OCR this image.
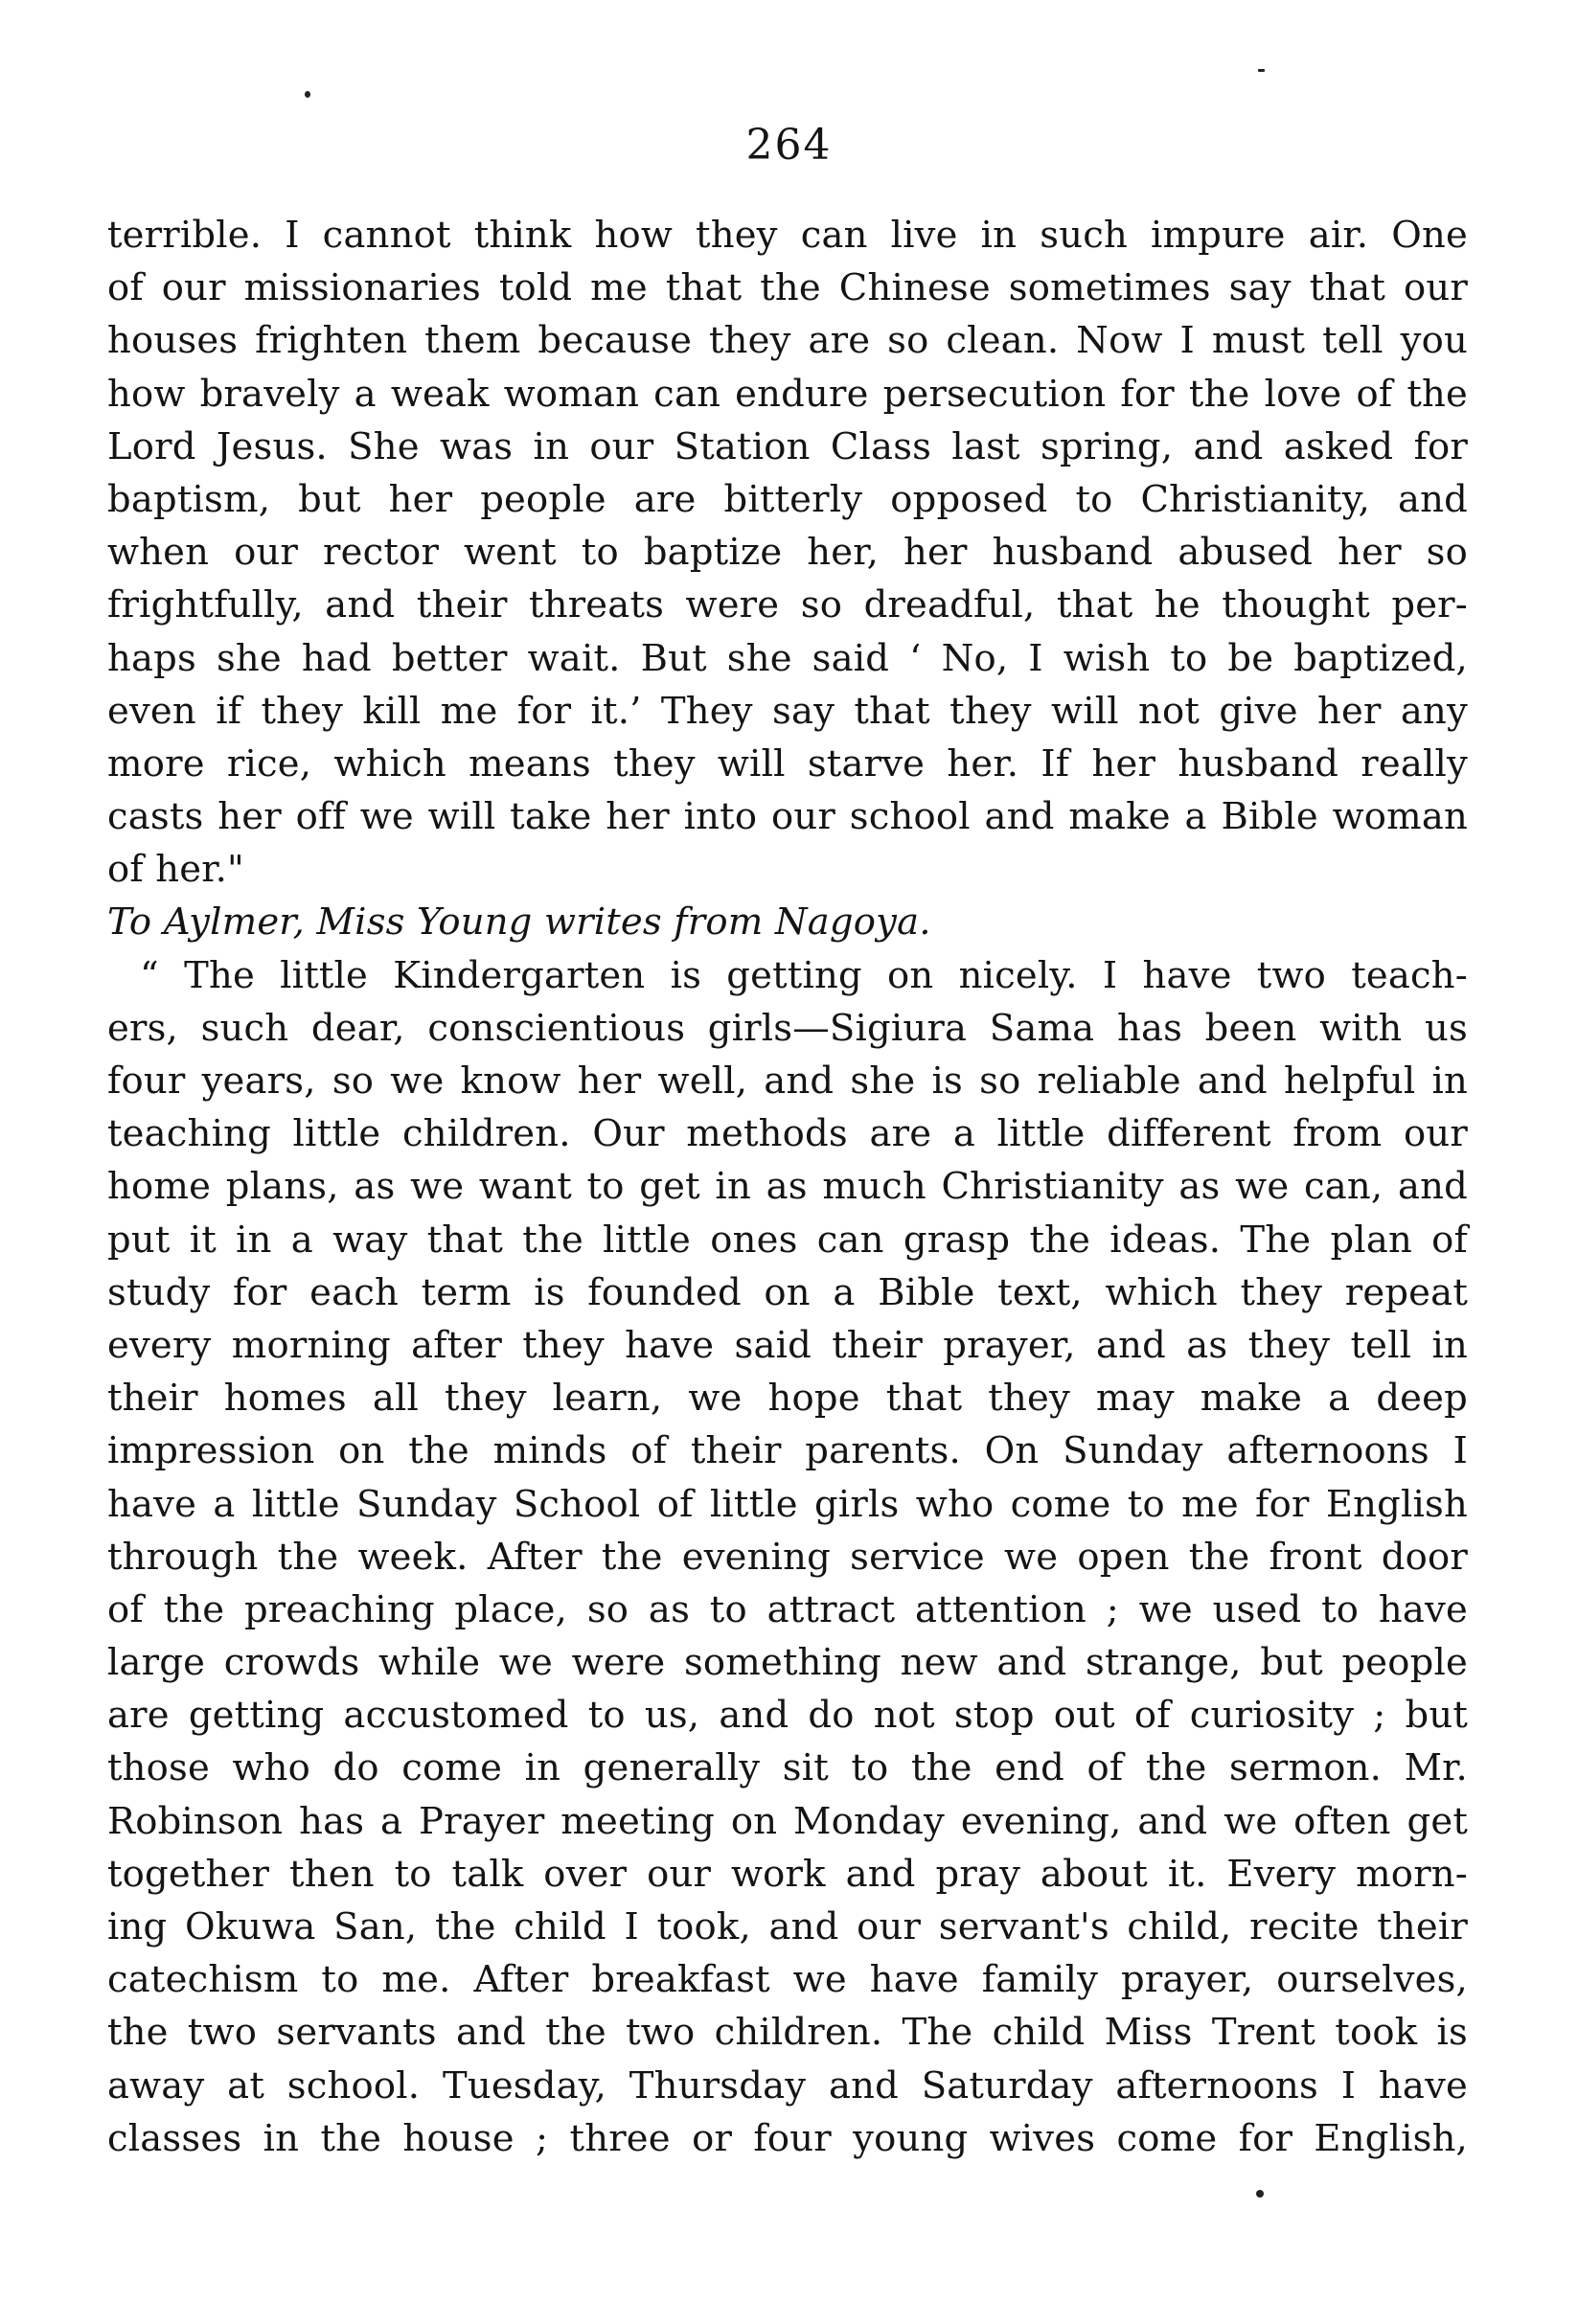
264
terrible. I cannot think how they can live in such impure air. One
of our missionaries told me that the Chinese sometimes say that our
houses frighten them because they are so clean. Now I must tell you
how bravely a weak woman can endure persecution for the love of the
Lord Jesus. She was in our Station Class last spring, and asked for
baptism, but her people are bitterly opposed to Christianity, and
when our rector went to baptize her, her husband abused her so
frightfully, and their threats were so dreadful, that he thought per-
haps she had better wait. But she said ‘ No, I wish to be baptized,
even if they kill me for it.’ They say that they will not give her any
more rice, which means they will starve her. If her husband really
casts her off we will take her into our school and make a Bible woman
of her."
To Aylmer, Miss Young writes from Nagoya.
“ The little Kindergarten is getting on nicely. I have two teach-
ers, such dear, conscientious girls—Sigiura Sama has been with us
four years, so we know her well, and she is so reliable and helpful in
teaching little children. Our methods are a little different from our
home plans, as we want to get in as much Christianity as we can, and
put it in a way that the little ones can grasp the ideas. The plan of
study for each term is founded on a Bible text, which they repeat
every morning after they have said their prayer, and as they tell in
their homes all they learn, we hope that they may make a deep
impression on the minds of their parents. On Sunday afternoons I
have a little Sunday School of little girls who come to me for English
through the week. After the evening service we open the front door
of the preaching place, so as to attract attention ; we used to have
large crowds while we were something new and strange, but people
are getting accustomed to us, and do not stop out of curiosity ; but
those who do come in generally sit to the end of the sermon. Mr.
Robinson has a Prayer meeting on Monday evening, and we often get
together then to talk over our work and pray about it. Every morn-
ing Okuwa San, the child I took, and our servant's child, recite their
catechism to me. After breakfast we have family prayer, ourselves,
the two servants and the two children. The child Miss Trent took is
away at school. Tuesday, Thursday and Saturday afternoons I have
classes in the house ; three or four young wives come for English,
